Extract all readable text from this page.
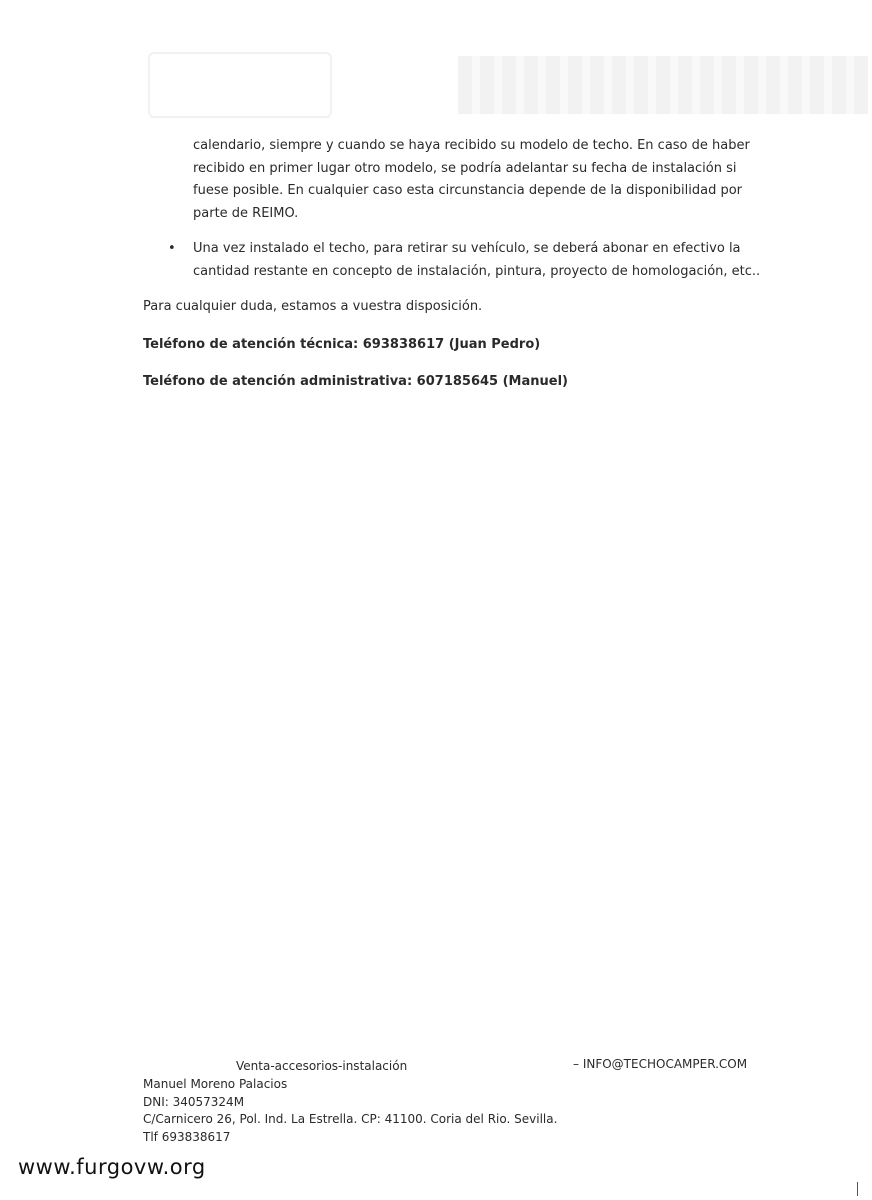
calendario, siempre y cuando se haya recibido su modelo de techo. En caso de haber recibido en primer lugar otro modelo, se podría adelantar su fecha de instalación si fuese posible. En cualquier caso esta circunstancia depende de la disponibilidad por parte de REIMO.

• Una vez instalado el techo, para retirar su vehículo, se deberá abonar en efectivo la cantidad restante en concepto de instalación, pintura, proyecto de homologación, etc..

Para cualquier duda, estamos a vuestra disposición.

Teléfono de atención técnica: 693838617 (Juan Pedro)

Teléfono de atención administrativa: 607185645 (Manuel)

Venta-accesorios-instalación	– INFO@TECHOCAMPER.COM
Manuel Moreno Palacios
DNI: 34057324M
C/Carnicero 26, Pol. Ind. La Estrella. CP: 41100. Coria del Rio. Sevilla.
Tlf 693838617
www.furgovw.org
